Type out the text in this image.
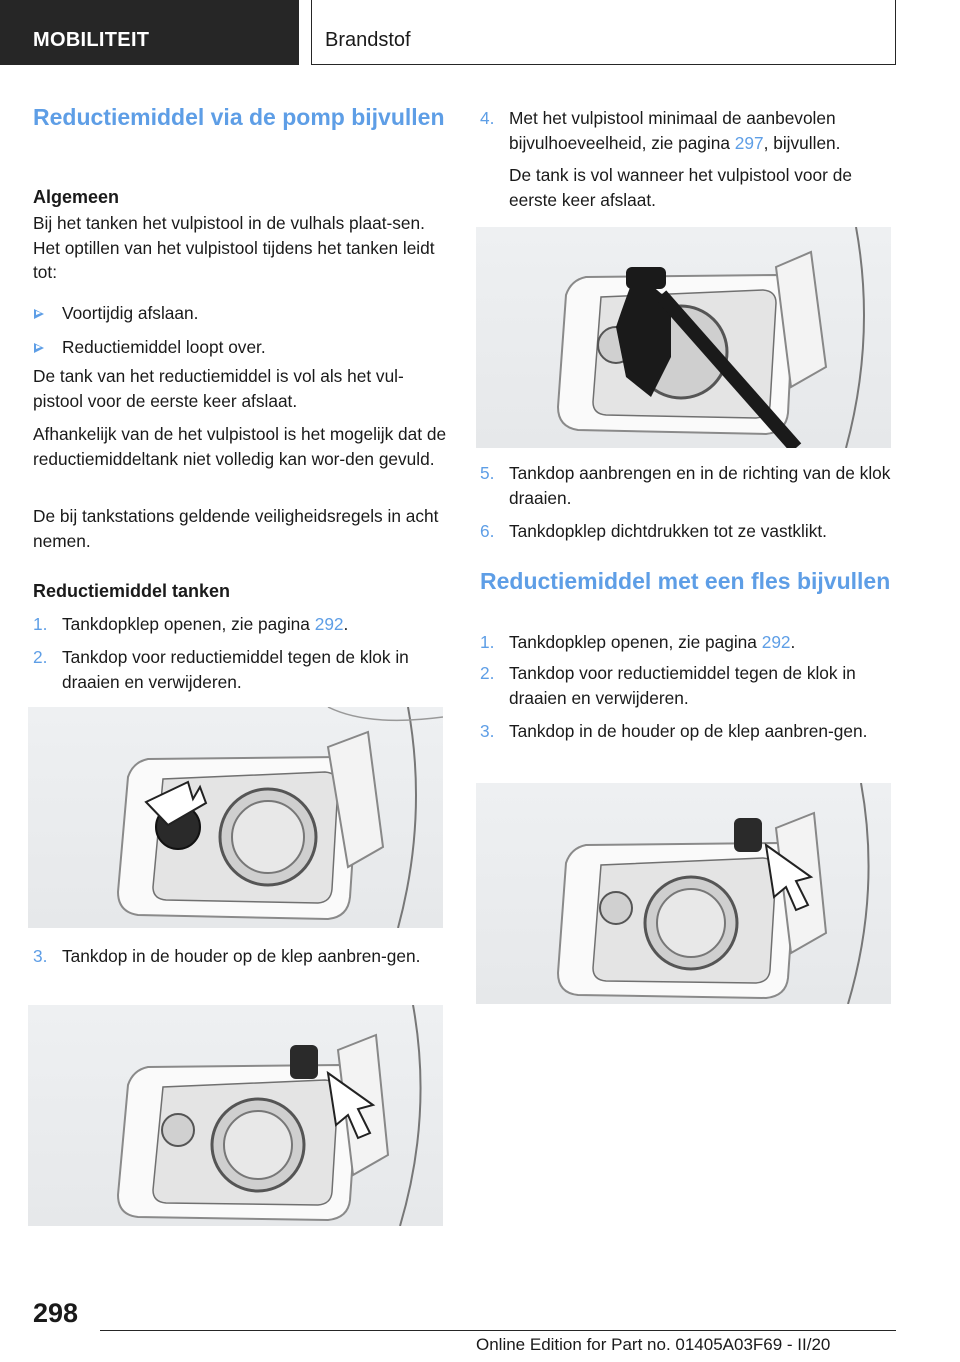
MOBILITEIT	Brandstof
Reductiemiddel via de pomp bijvullen
Algemeen
Bij het tanken het vulpistool in de vulhals plaat-sen. Het optillen van het vulpistool tijdens het tanken leidt tot:
Voortijdig afslaan.
Reductiemiddel loopt over.
De tank van het reductiemiddel is vol als het vul-pistool voor de eerste keer afslaat.
Afhankelijk van de het vulpistool is het mogelijk dat de reductiemiddeltank niet volledig kan wor-den gevuld.
De bij tankstations geldende veiligheidsregels in acht nemen.
Reductiemiddel tanken
1. Tankdopklep openen, zie pagina 292.
2. Tankdop voor reductiemiddel tegen de klok in draaien en verwijderen.
3. Tankdop in de houder op de klep aanbren-gen.
4. Met het vulpistool minimaal de aanbevolen bijvulhoeveelheid, zie pagina 297, bijvullen.
De tank is vol wanneer het vulpistool voor de eerste keer afslaat.
5. Tankdop aanbrengen en in de richting van de klok draaien.
6. Tankdopklep dichtdrukken tot ze vastklikt.
Reductiemiddel met een fles bijvullen
1. Tankdopklep openen, zie pagina 292.
2. Tankdop voor reductiemiddel tegen de klok in draaien en verwijderen.
3. Tankdop in de houder op de klep aanbren-gen.
298
Online Edition for Part no. 01405A03F69 - II/20
